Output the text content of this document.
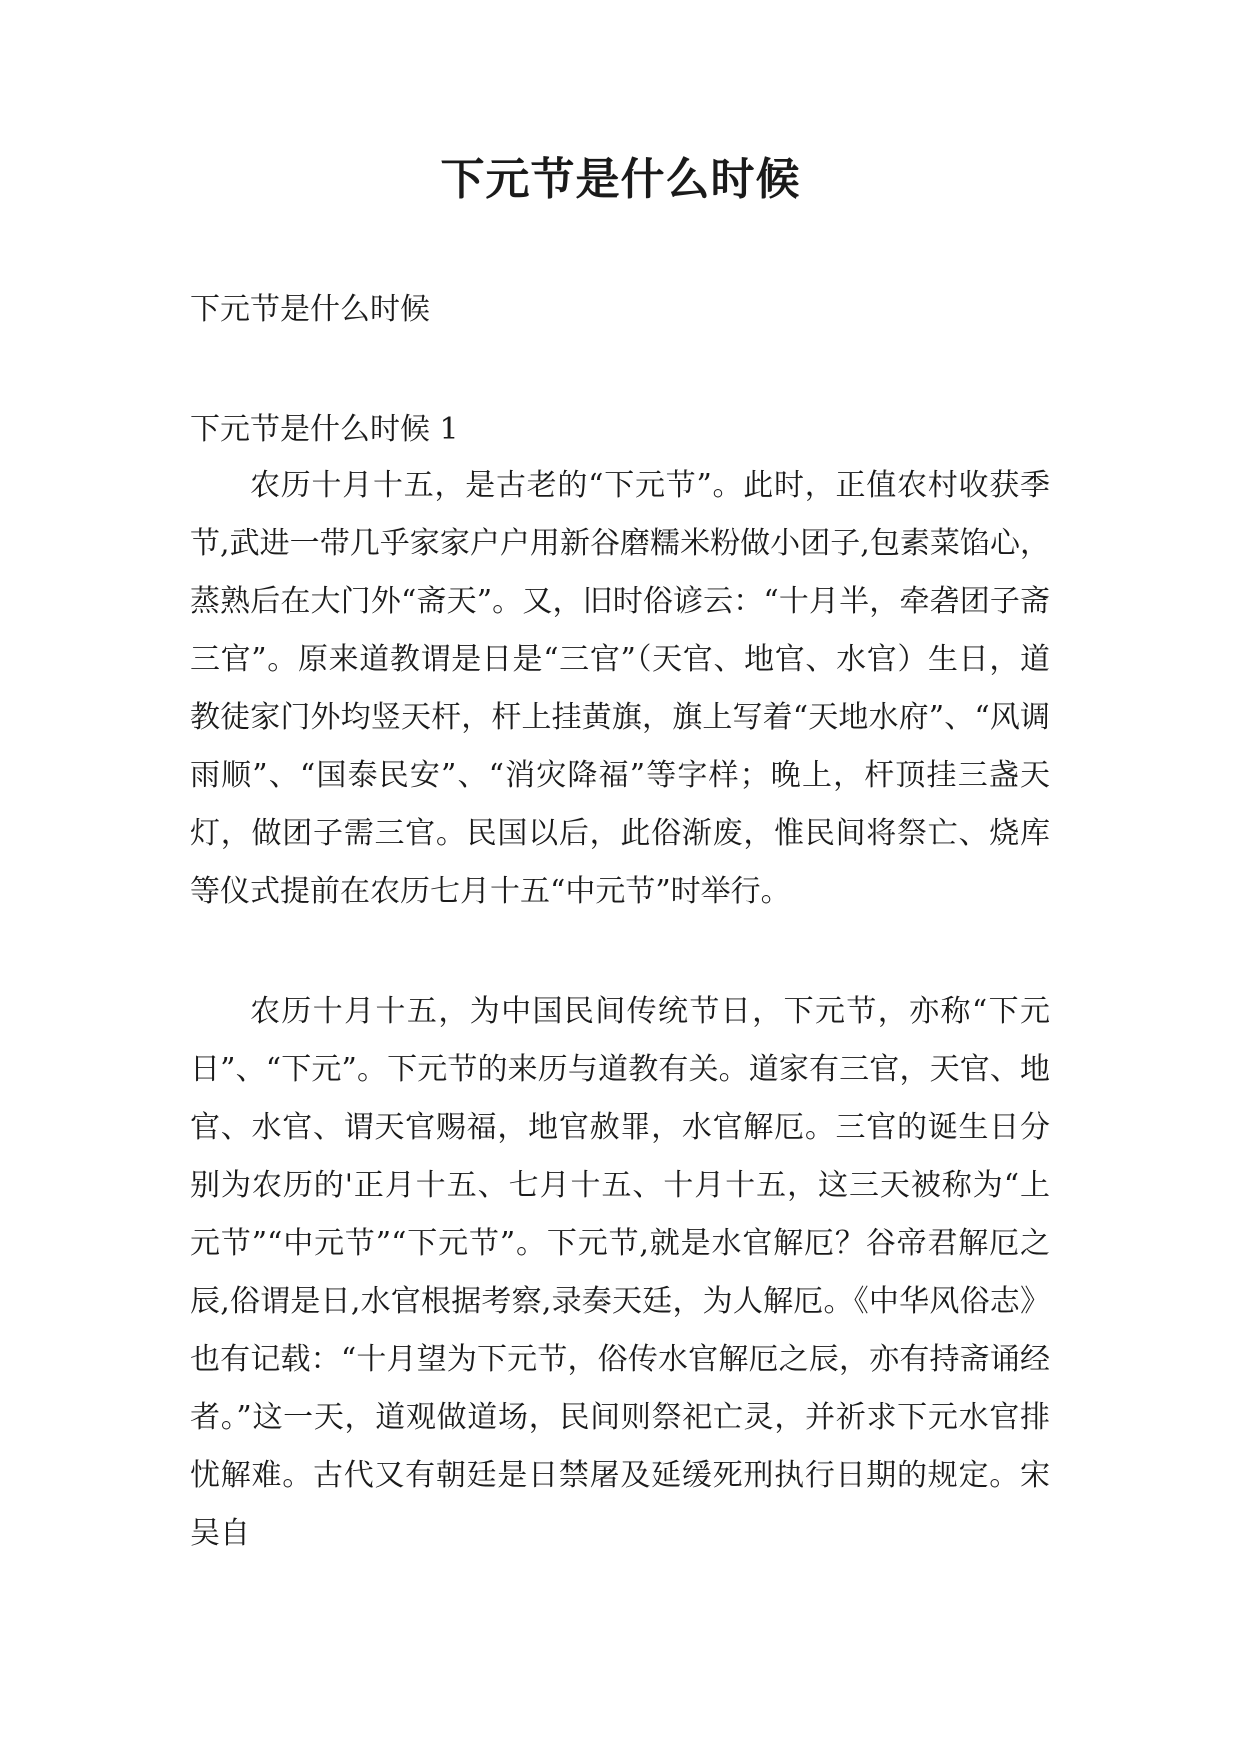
下元节是什么时候

下元节是什么时候

下元节是什么时候 1

农历十月十五，是古老的“下元节”。此时，正值农村收获季节,武进一带几乎家家户户用新谷磨糯米粉做小团子,包素菜馅心，蒸熟后在大门外“斋天”。又，旧时俗谚云：“十月半，牵砻团子斋三官”。原来道教谓是日是“三官”（天官、地官、水官）生日，道教徒家门外均竖天杆，杆上挂黄旗，旗上写着“天地水府”、“风调雨顺”、“国泰民安”、“消灾降福”等字样；晚上，杆顶挂三盏天灯，做团子需三官。民国以后，此俗渐废，惟民间将祭亡、烧库等仪式提前在农历七月十五“中元节”时举行。

农历十月十五，为中国民间传统节日，下元节，亦称“下元日”、“下元”。下元节的来历与道教有关。道家有三官，天官、地官、水官、谓天官赐福，地官赦罪，水官解厄。三官的诞生日分别为农历的'正月十五、七月十五、十月十五，这三天被称为“上元节”“中元节”“下元节”。下元节,就是水官解厄？谷帝君解厄之辰,俗谓是日,水官根据考察,录奏天廷，为人解厄。《中华风俗志》也有记载：“十月望为下元节，俗传水官解厄之辰，亦有持斋诵经者。”这一天，道观做道场，民间则祭祀亡灵，并祈求下元水官排忧解难。古代又有朝廷是日禁屠及延缓死刑执行日期的规定。宋吴自
